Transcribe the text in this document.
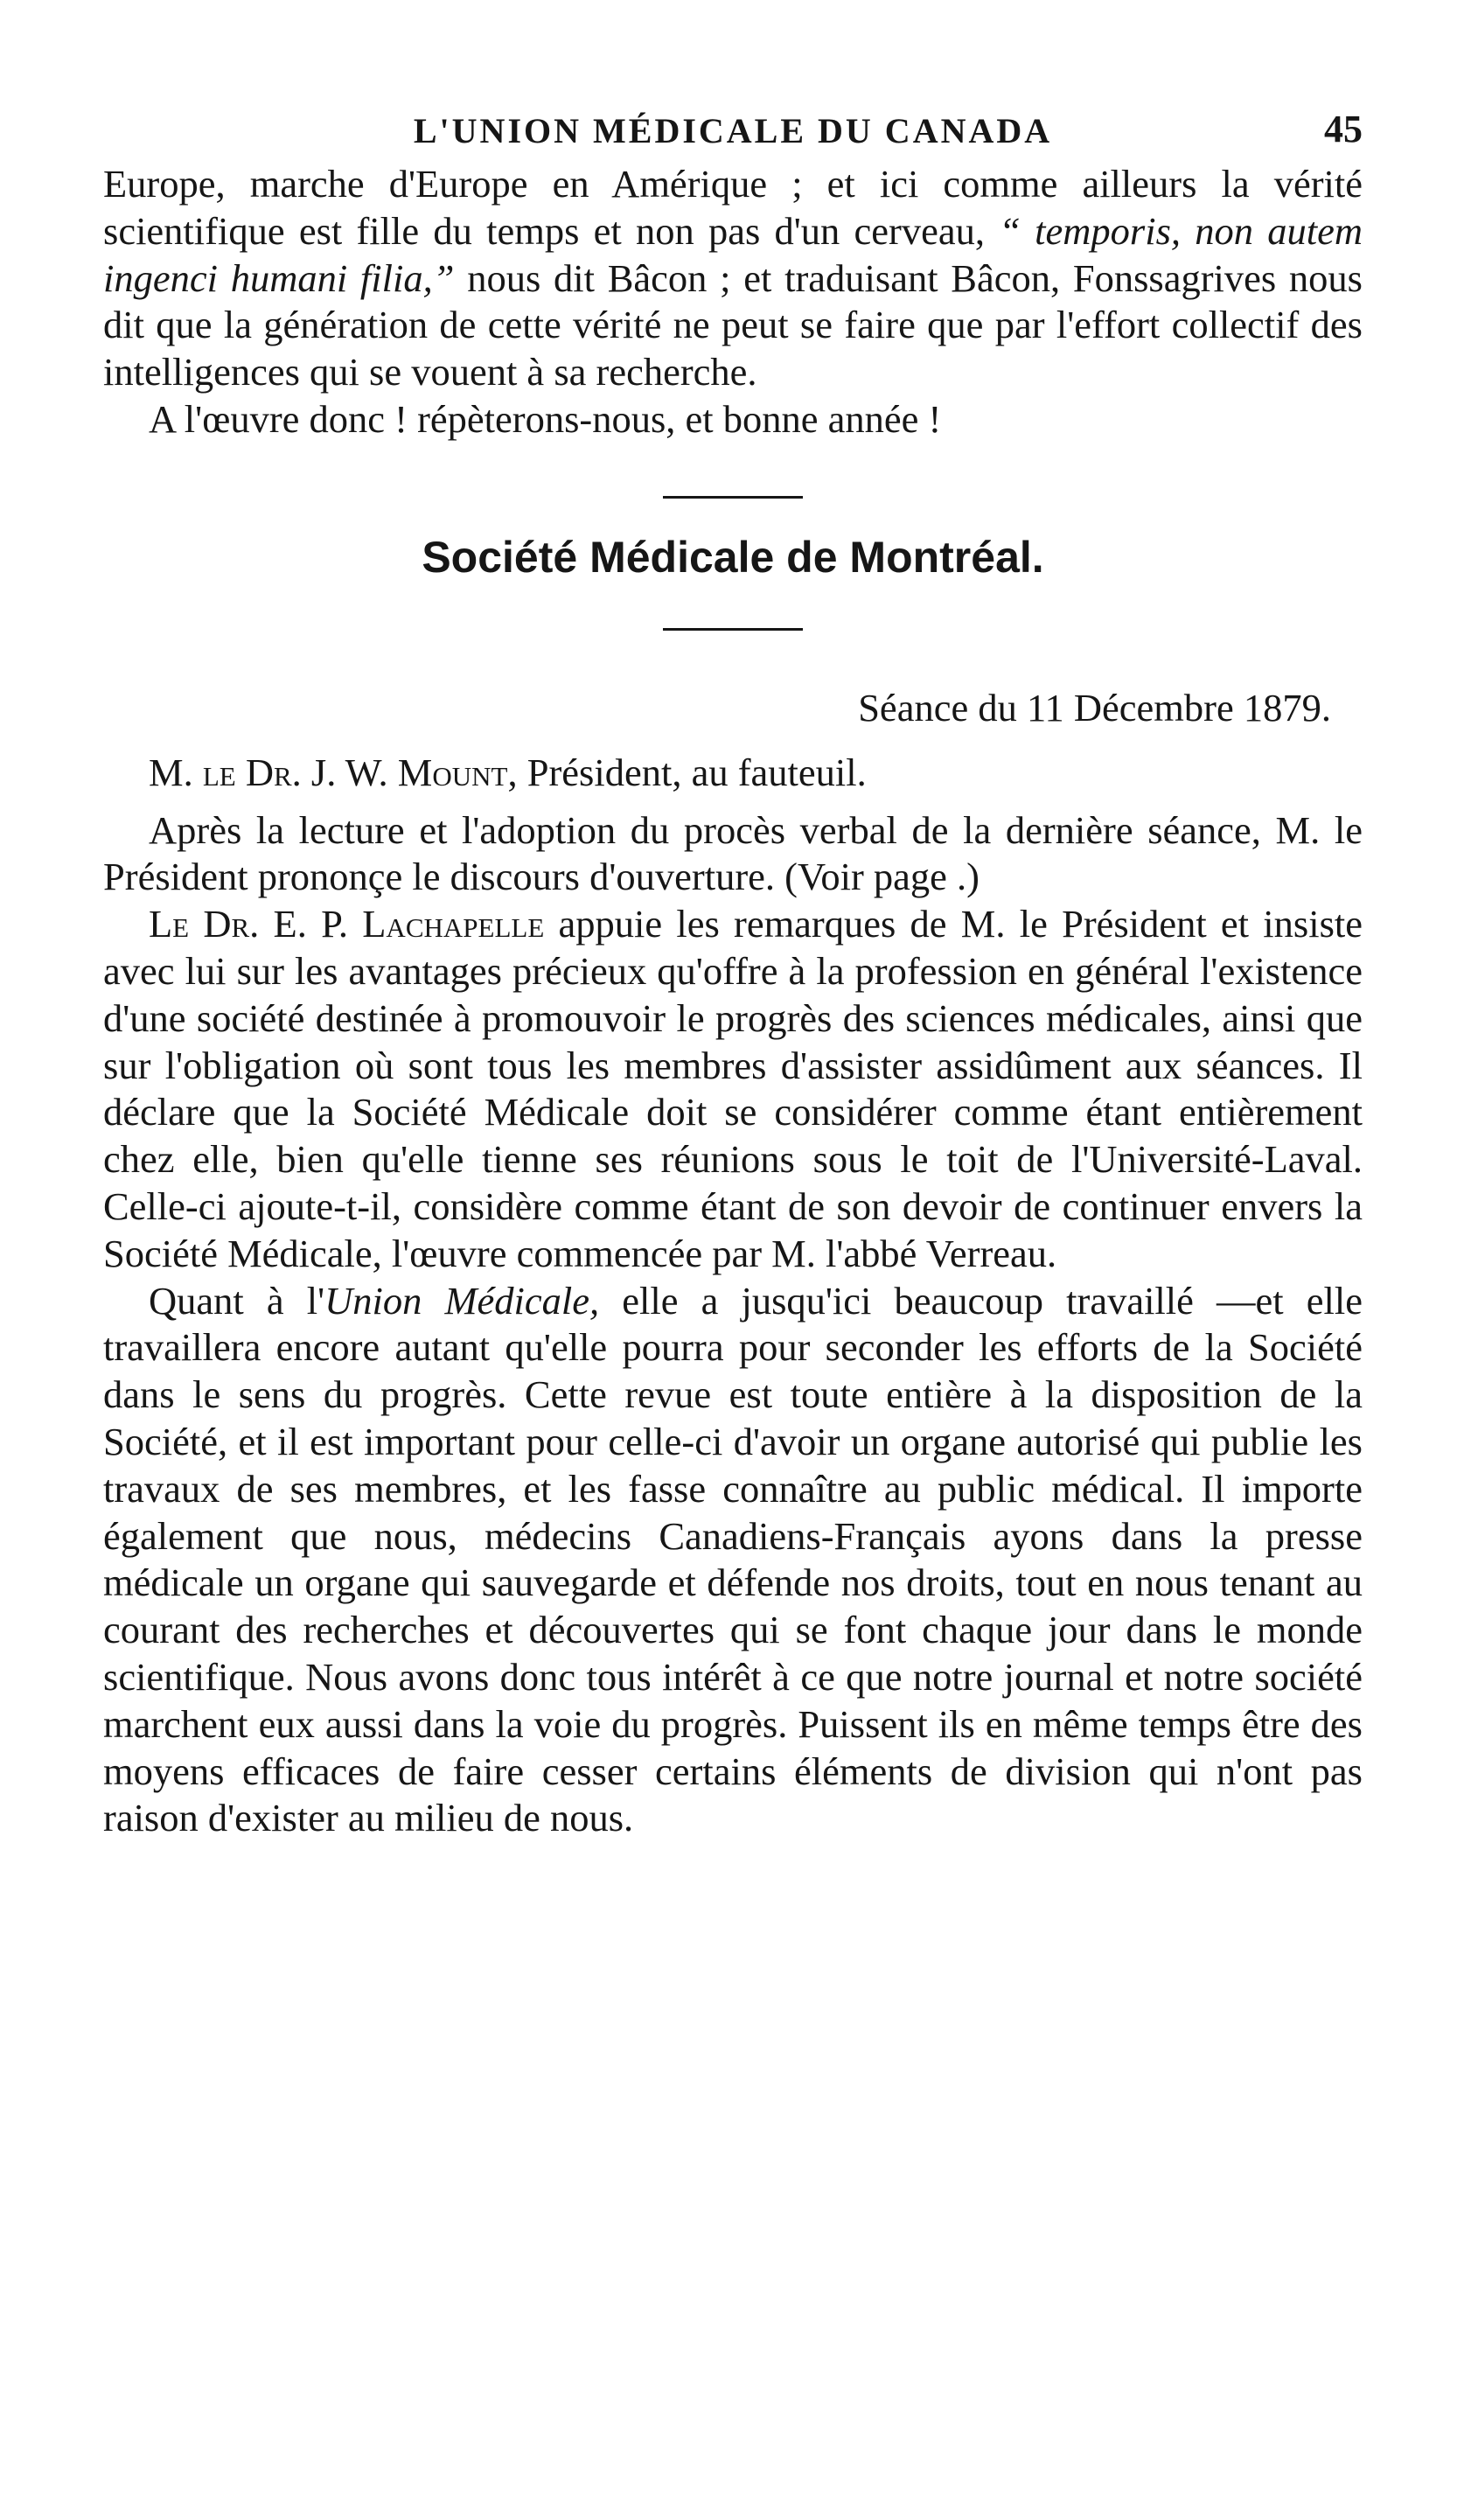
L'UNION MÉDICALE DU CANADA	45

Europe, marche d'Europe en Amérique ; et ici comme ailleurs la vérité scientifique est fille du temps et non pas d'un cerveau, “ temporis, non autem ingenci humani filia,” nous dit Bâcon ; et traduisant Bâcon, Fonssagrives nous dit que la génération de cette vérité ne peut se faire que par l'effort collectif des intelligences qui se vouent à sa recherche.

A l'œuvre donc ! répèterons-nous, et bonne année !

Société Médicale de Montréal.

Séance du 11 Décembre 1879.

M. le Dr. J. W. Mount, Président, au fauteuil.

Après la lecture et l'adoption du procès verbal de la dernière séance, M. le Président prononçe le discours d'ouverture. (Voir page .)

Le Dr. E. P. Lachapelle appuie les remarques de M. le Président et insiste avec lui sur les avantages précieux qu'offre à la profession en général l'existence d'une société destinée à promouvoir le progrès des sciences médicales, ainsi que sur l'obligation où sont tous les membres d'assister assidûment aux séances. Il déclare que la Société Médicale doit se considérer comme étant entièrement chez elle, bien qu'elle tienne ses réunions sous le toit de l'Université-Laval. Celle-ci ajoute-t-il, considère comme étant de son devoir de continuer envers la Société Médicale, l'œuvre commencée par M. l'abbé Verreau.

Quant à l'Union Médicale, elle a jusqu'ici beaucoup travaillé —et elle travaillera encore autant qu'elle pourra pour seconder les efforts de la Société dans le sens du progrès. Cette revue est toute entière à la disposition de la Société, et il est important pour celle-ci d'avoir un organe autorisé qui publie les travaux de ses membres, et les fasse connaître au public médical. Il importe également que nous, médecins Canadiens-Français ayons dans la presse médicale un organe qui sauvegarde et défende nos droits, tout en nous tenant au courant des recherches et découvertes qui se font chaque jour dans le monde scientifique. Nous avons donc tous intérêt à ce que notre journal et notre société marchent eux aussi dans la voie du progrès. Puissent ils en même temps être des moyens efficaces de faire cesser certains éléments de division qui n'ont pas raison d'exister au milieu de nous.
